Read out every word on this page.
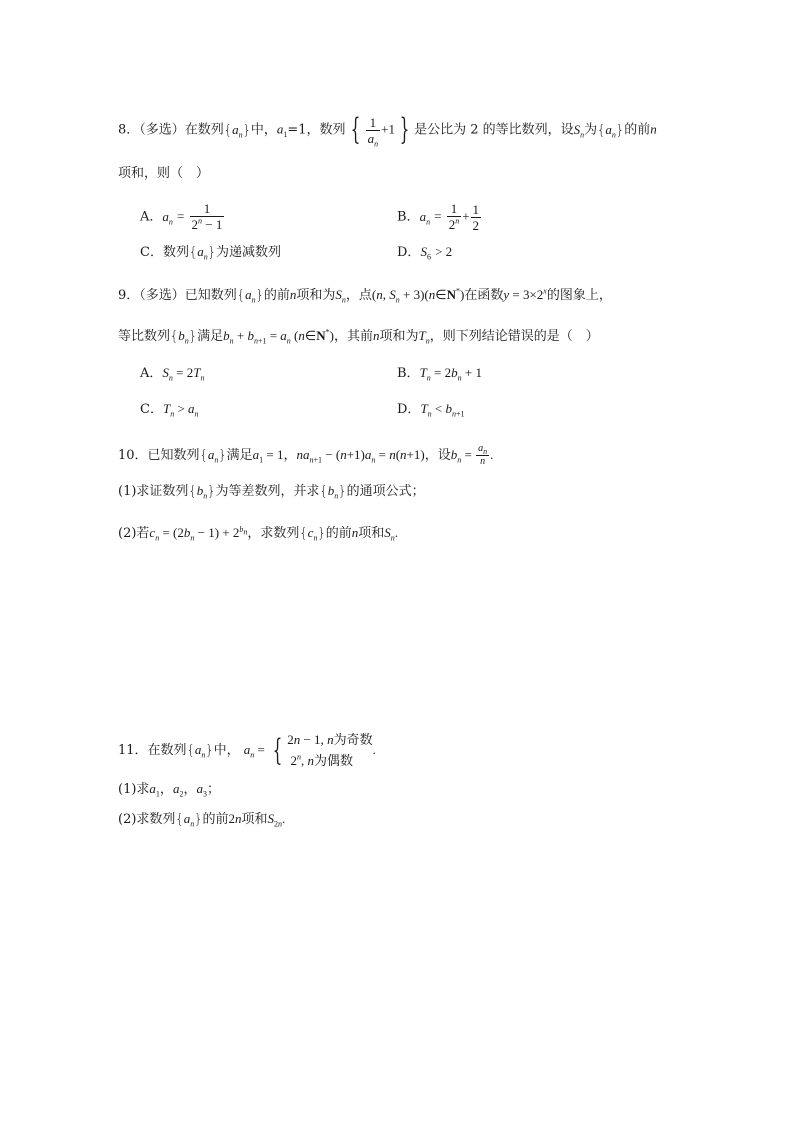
8．（多选）在数列$\{a_n\}$中，$a_1=1$，数列 { $\frac{1}{a_n} +1$ } 是公比为 2 的等比数列，设$S_n$为$\{a_n\}$的前n
项和，则（　）
A．$a_n = \frac{1}{2^n - 1}$	B．$a_n = \frac{1}{2^n} + \frac{1}{2}$
C．数列$\{a_n\}$为递减数列	D．$S_6 > 2$
9．（多选）已知数列$\{a_n\}$的前n项和为$S_n$，点(n, $S_n$ + 3)(n∈N*)在函数$y = 3\times 2^x$的图象上，
等比数列$\{b_n\}$满足$b_n + b_{n+1} = a_n$ (n∈N*)，其前n项和为$T_n$，则下列结论错误的是（　）
A．$S_n = 2T_n$	B．$T_n = 2b_n + 1$
C．$T_n > a_n$	D．$T_n < b_{n+1}$
10．已知数列$\{a_n\}$满足$a_1 = 1$，$na_{n+1} - (n+1)a_n = n(n+1)$，设$b_n = \frac{a_n}{n}$ .
(1)求证数列$\{b_n\}$为等差数列，并求$\{b_n\}$的通项公式；
(2)若$c_n = (2b_n - 1) + 2^{b_n}$，求数列$\{c_n\}$的前n项和$S_n$.
11．在数列$\{a_n\}$中， $a_n$ = { 2n − 1, n为奇数
2$^n$, n为偶数
.
(1)求$a_1$，$a_2$，$a_3$；
(2)求数列$\{a_n\}$的前2n项和$S_{2n}$.
